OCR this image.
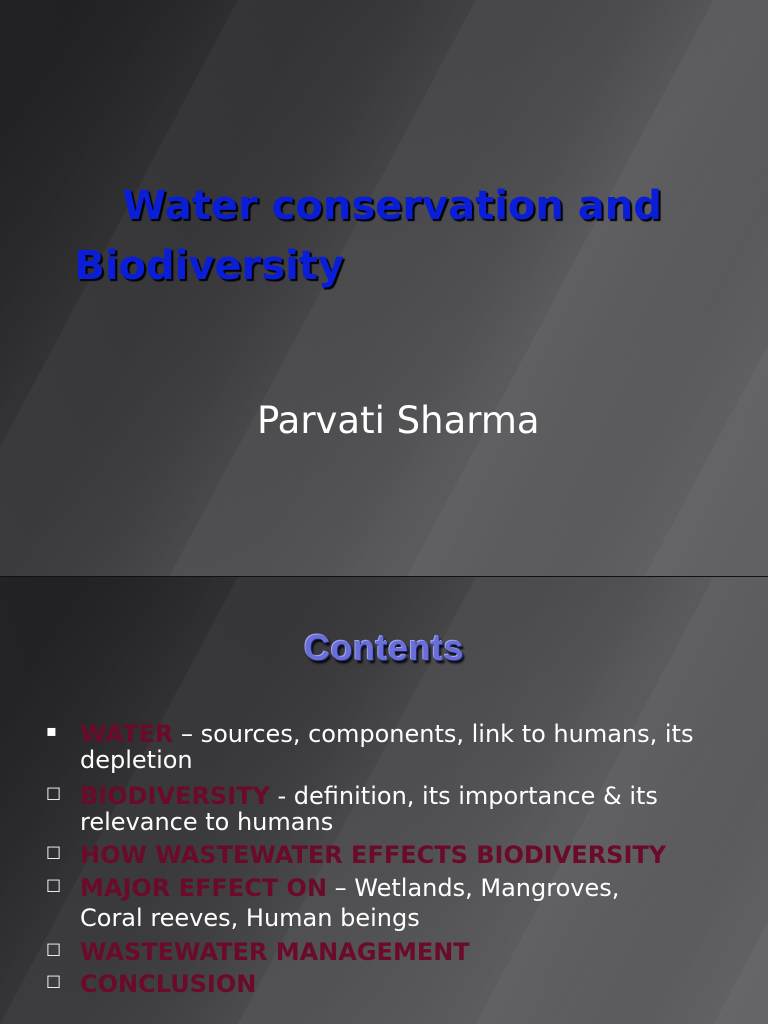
Water conservation and
Biodiversity
Parvati Sharma
Contents
▪ WATER – sources, components, link to humans, its depletion
□ BIODIVERSITY - definition, its importance & its relevance to humans
□ HOW WASTEWATER EFFECTS BIODIVERSITY
□ MAJOR EFFECT ON – Wetlands, Mangroves,
Coral reeves, Human beings
□ WASTEWATER MANAGEMENT
□ CONCLUSION
